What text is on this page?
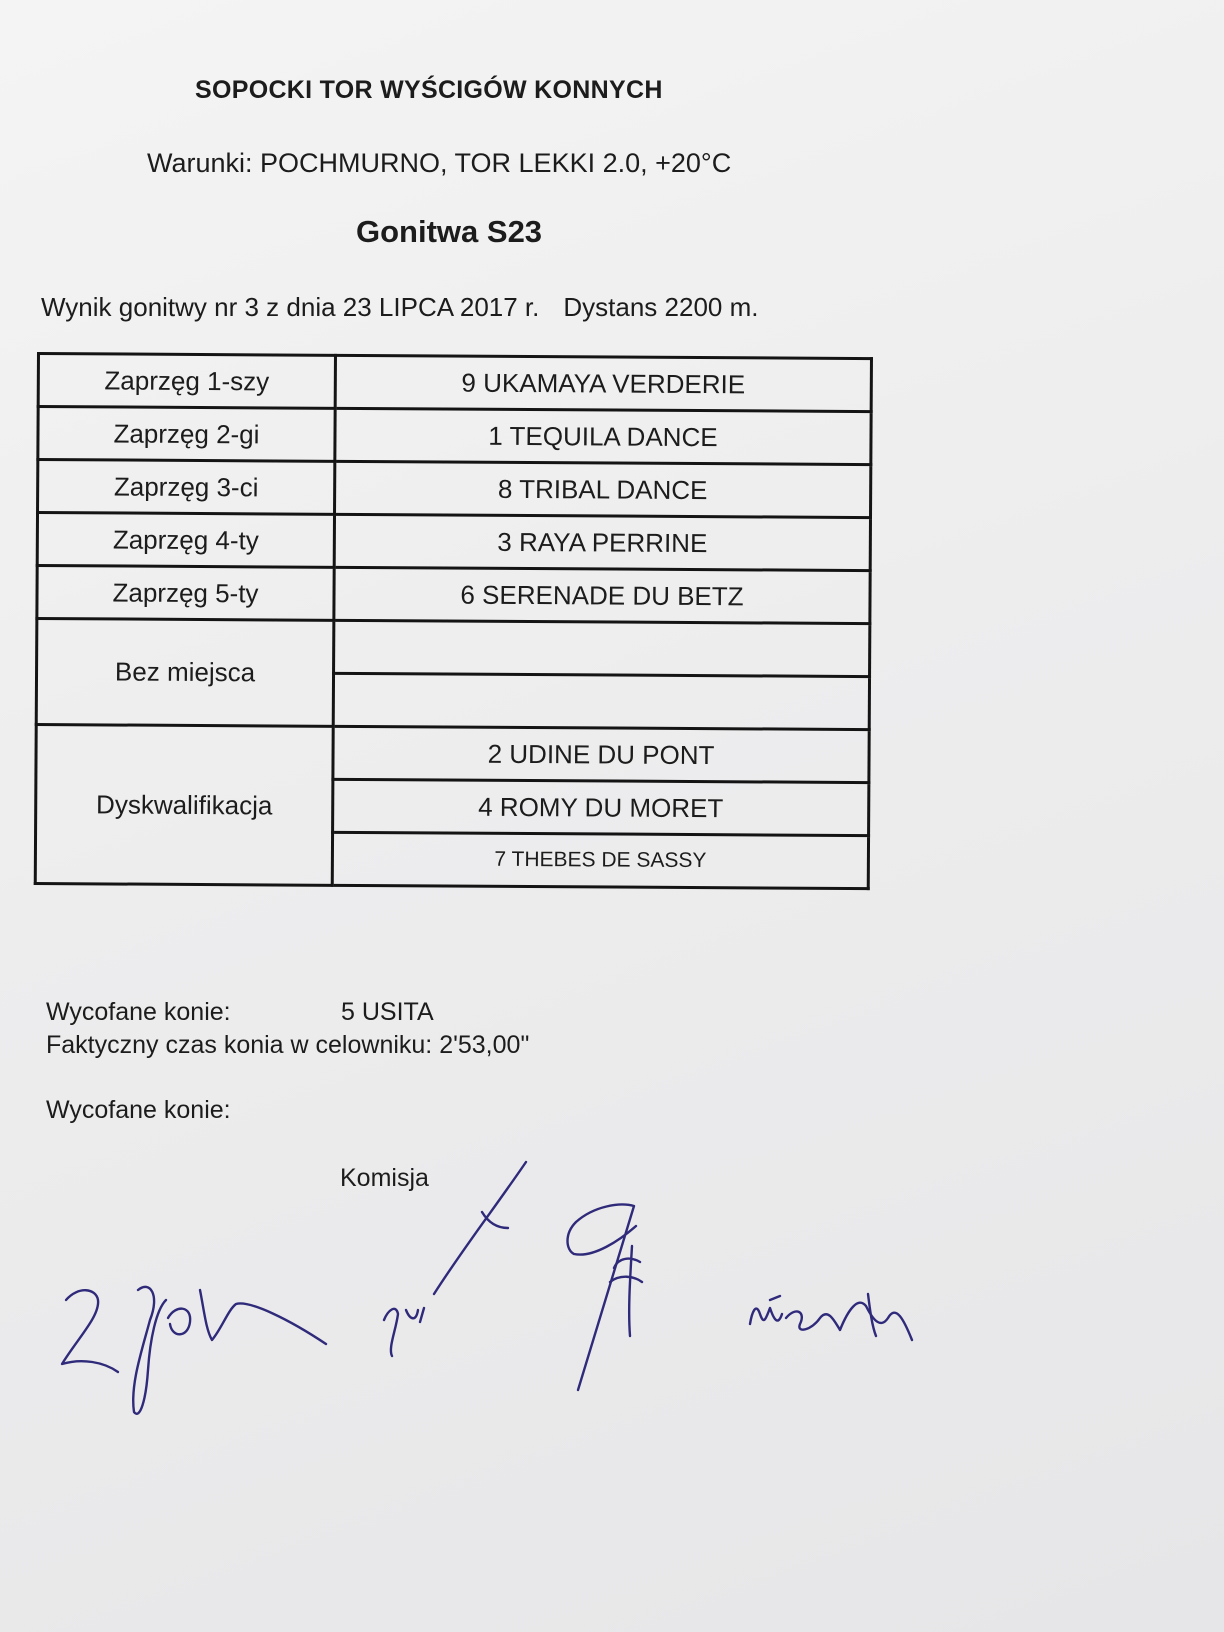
SOPOCKI TOR WYŚCIGÓW KONNYCH
Warunki: POCHMURNO, TOR LEKKI 2.0, +20°C
Gonitwa S23
Wynik gonitwy nr 3 z dnia 23 LIPCA 2017 r. Dystans 2200 m.
Zaprzęg 1-szy	9 UKAMAYA VERDERIE
Zaprzęg 2-gi	1 TEQUILA DANCE
Zaprzęg 3-ci	8 TRIBAL DANCE
Zaprzęg 4-ty	3 RAYA PERRINE
Zaprzęg 5-ty	6 SERENADE DU BETZ
Bez miejsca	

Dyskwalifikacja	2 UDINE DU PONT
	4 ROMY DU MORET
	7 THEBES DE SASSY
Wycofane konie:	5 USITA
Faktyczny czas konia w celowniku: 2'53,00"
Wycofane konie:
Komisja
